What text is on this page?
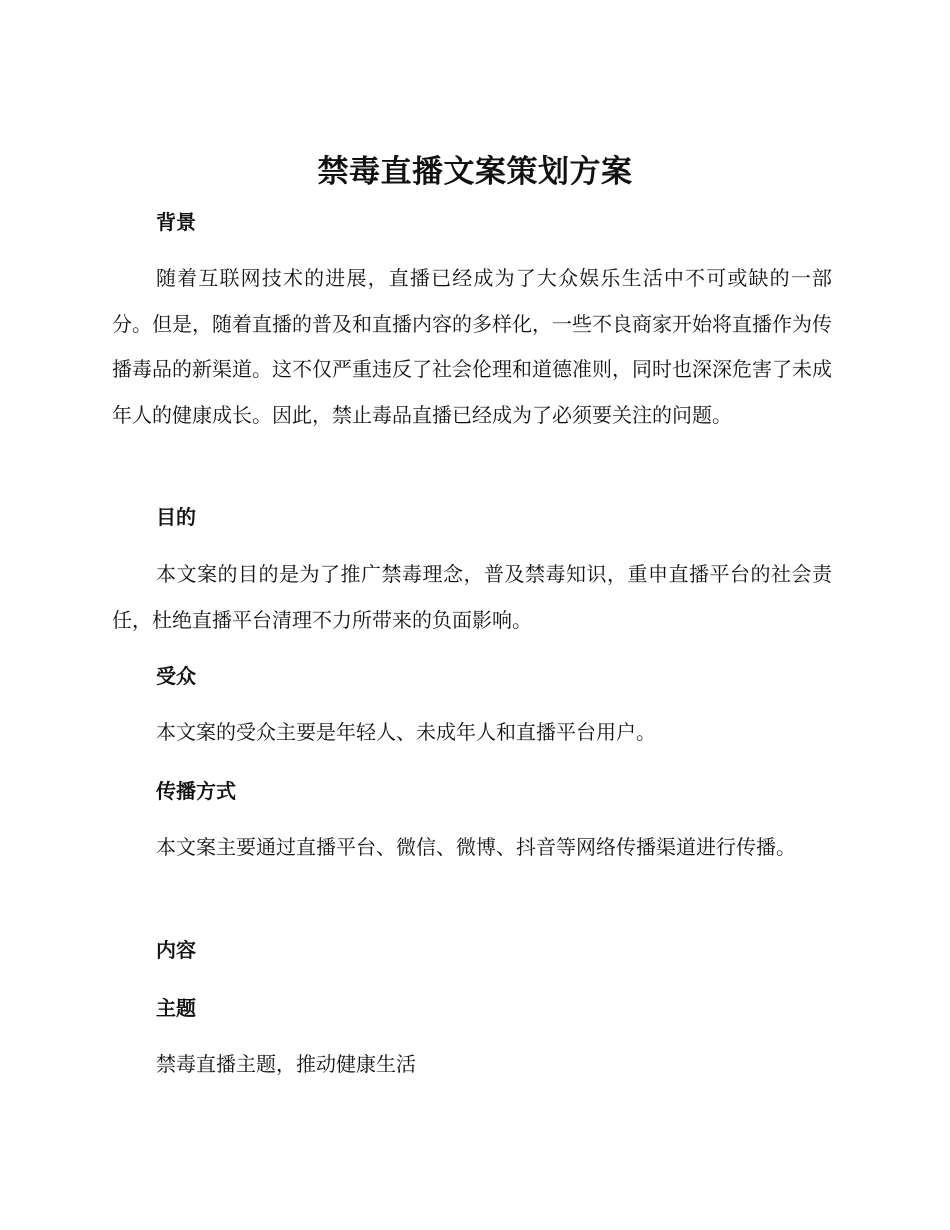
禁毒直播文案策划方案
背景

随着互联网技术的进展，直播已经成为了大众娱乐生活中不可或缺的一部分。但是，随着直播的普及和直播内容的多样化，一些不良商家开始将直播作为传播毒品的新渠道。这不仅严重违反了社会伦理和道德准则，同时也深深危害了未成年人的健康成长。因此，禁止毒品直播已经成为了必须要关注的问题。

目的

本文案的目的是为了推广禁毒理念，普及禁毒知识，重申直播平台的社会责任，杜绝直播平台清理不力所带来的负面影响。

受众

本文案的受众主要是年轻人、未成年人和直播平台用户。

传播方式

本文案主要通过直播平台、微信、微博、抖音等网络传播渠道进行传播。

内容
主题

禁毒直播主题，推动健康生活
